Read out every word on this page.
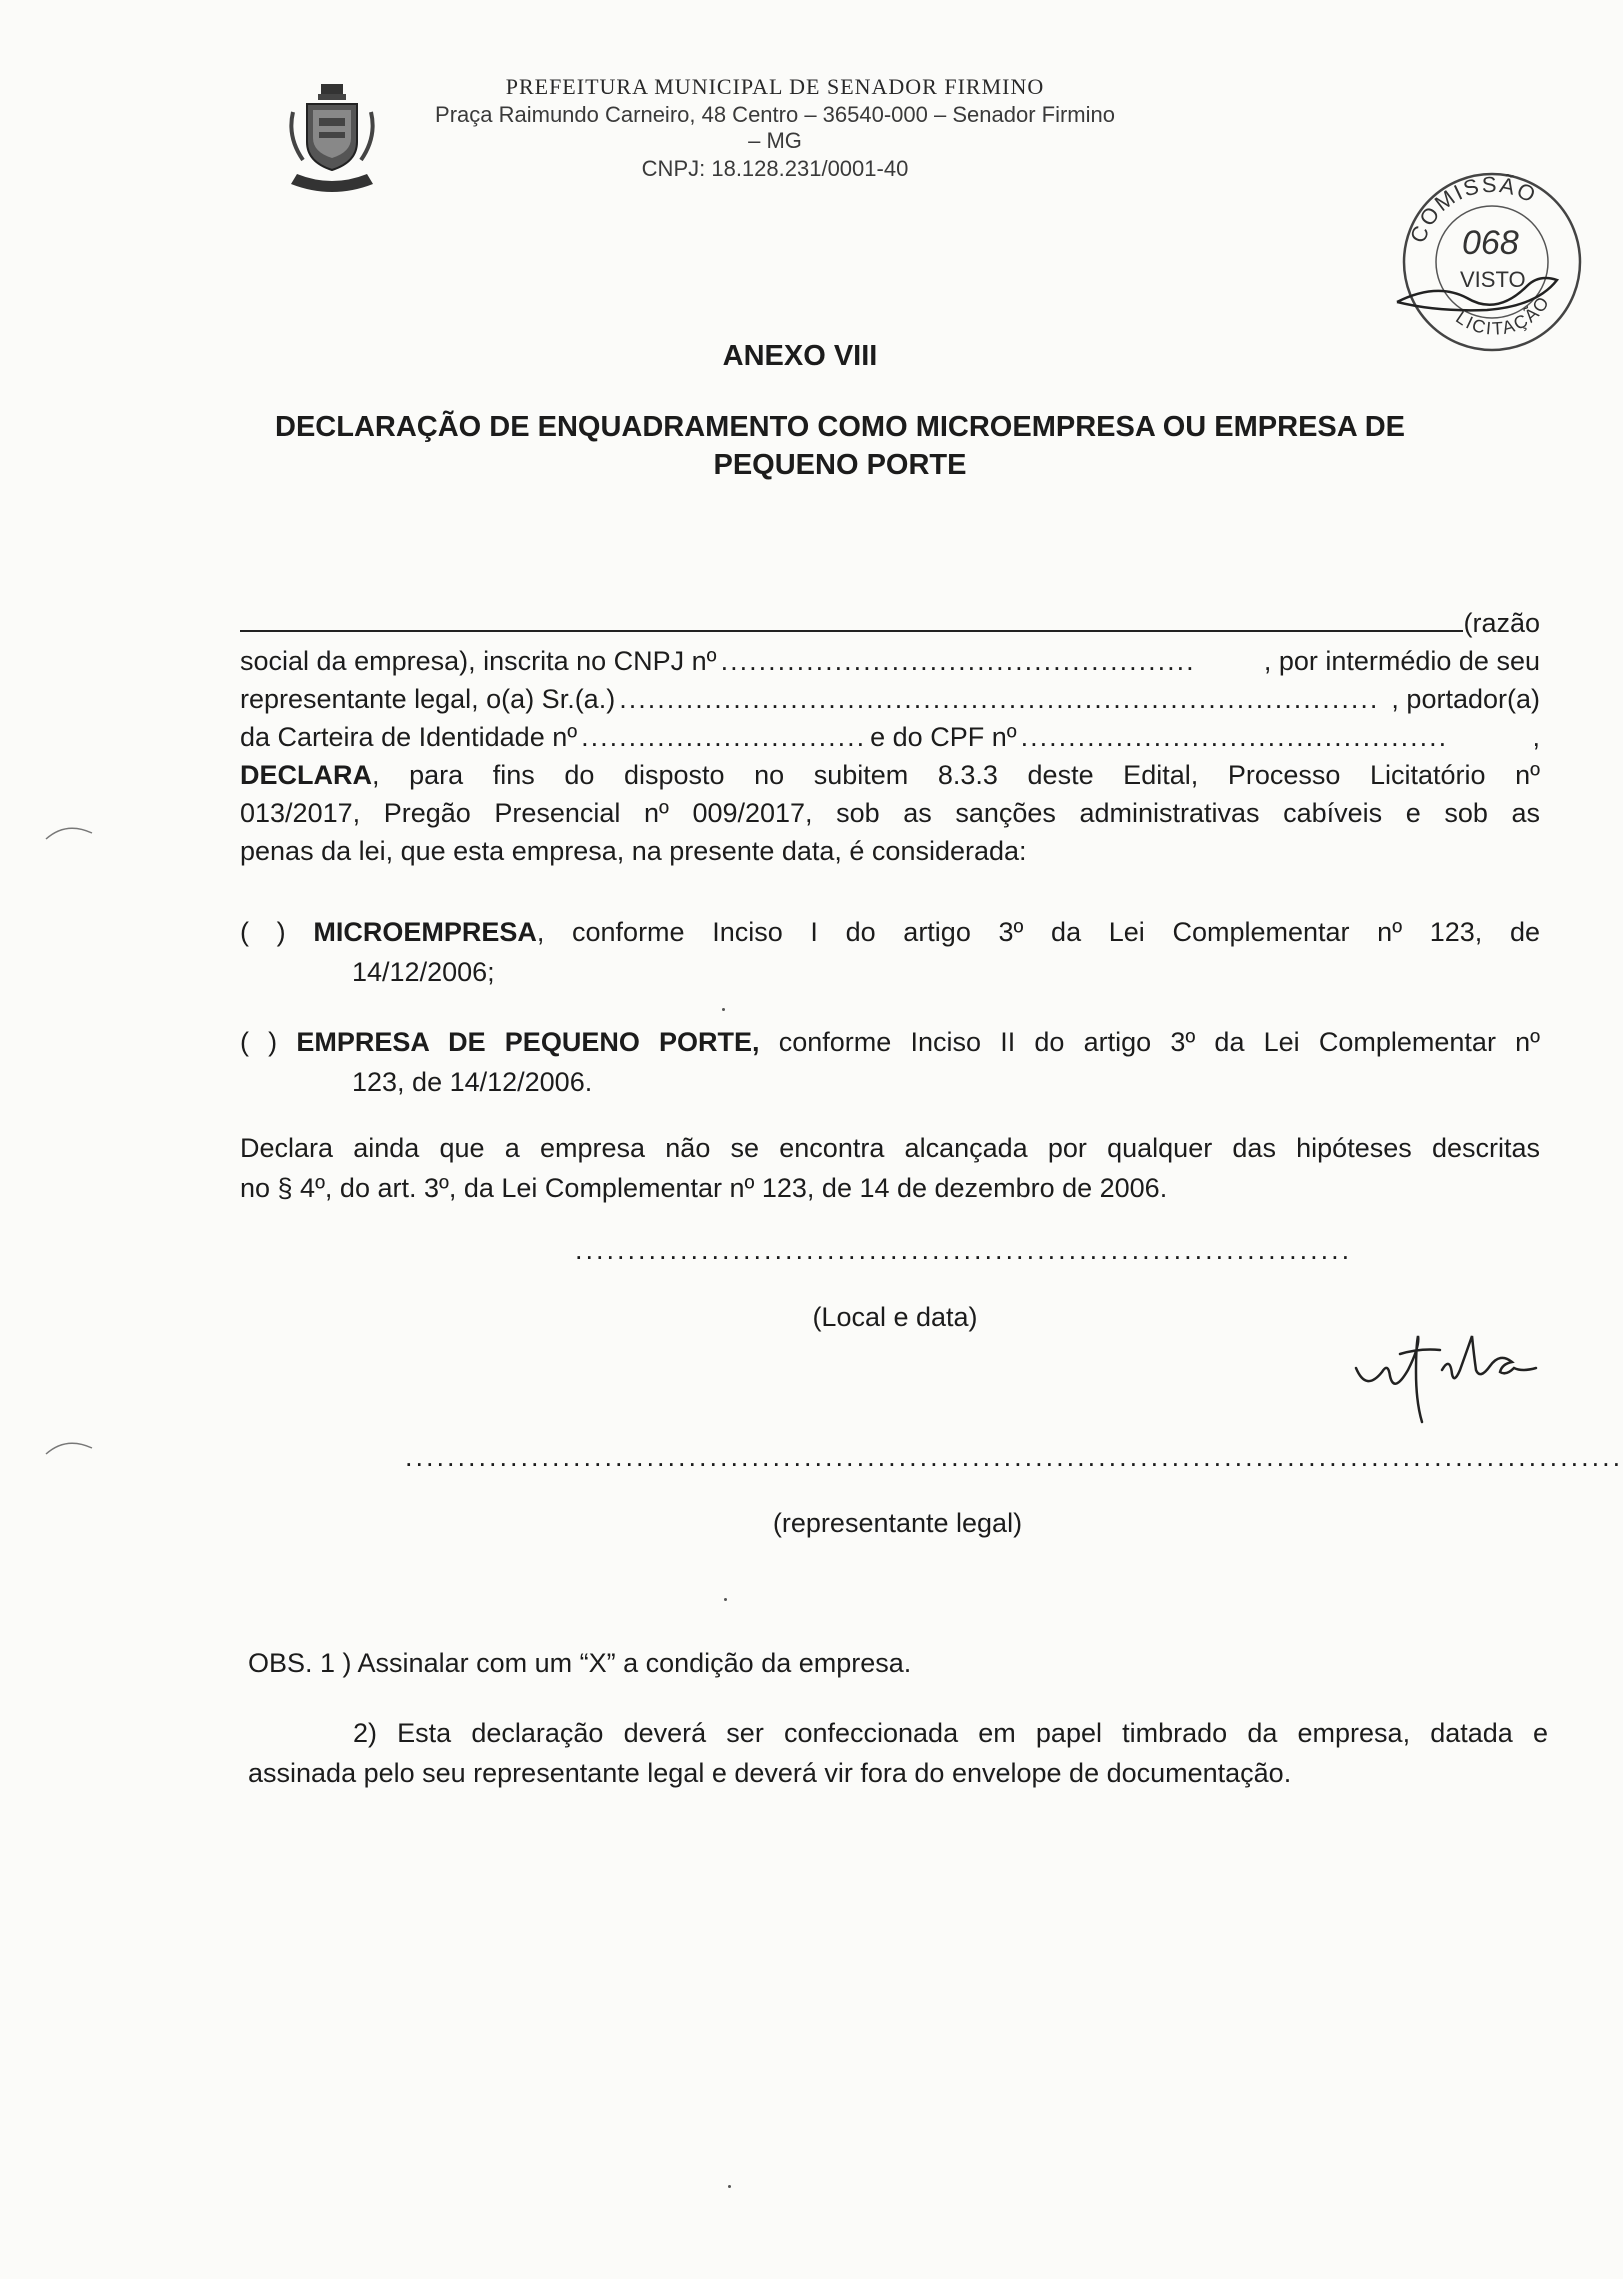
PREFEITURA MUNICIPAL DE SENADOR FIRMINO
Praça Raimundo Carneiro, 48 Centro – 36540-000 – Senador Firmino – MG
CNPJ: 18.128.231/0001-40
COMISSÃO
068
VISTO
LICITAÇÃO
ANEXO VIII
DECLARAÇÃO DE ENQUADRAMENTO COMO MICROEMPRESA OU EMPRESA DE PEQUENO PORTE
(razão
social da empresa), inscrita no CNPJ nº ..................................................	, por intermédio de seu
representante legal, o(a) Sr.(a.) ................................................................................ , portador(a)
da Carteira de Identidade nº .............................. e do CPF nº .............................................	,
DECLARA, para fins do disposto no subitem 8.3.3 deste Edital, Processo Licitatório nº
013/2017, Pregão Presencial nº 009/2017, sob as sanções administrativas cabíveis e sob as
penas da lei, que esta empresa, na presente data, é considerada:
( ) MICROEMPRESA, conforme Inciso I do artigo 3º da Lei Complementar nº 123, de
14/12/2006;
( ) EMPRESA DE PEQUENO PORTE, conforme Inciso II do artigo 3º da Lei Complementar nº
123, de 14/12/2006.
Declara ainda que a empresa não se encontra alcançada por qualquer das hipóteses descritas
no § 4º, do art. 3º, da Lei Complementar nº 123, de 14 de dezembro de 2006.
..........................................................................
(Local e data)
....................................................................................................................
(representante legal)
OBS. 1 ) Assinalar com um “X” a condição da empresa.
2) Esta declaração deverá ser confeccionada em papel timbrado da empresa, datada e
assinada pelo seu representante legal e deverá vir fora do envelope de documentação.
